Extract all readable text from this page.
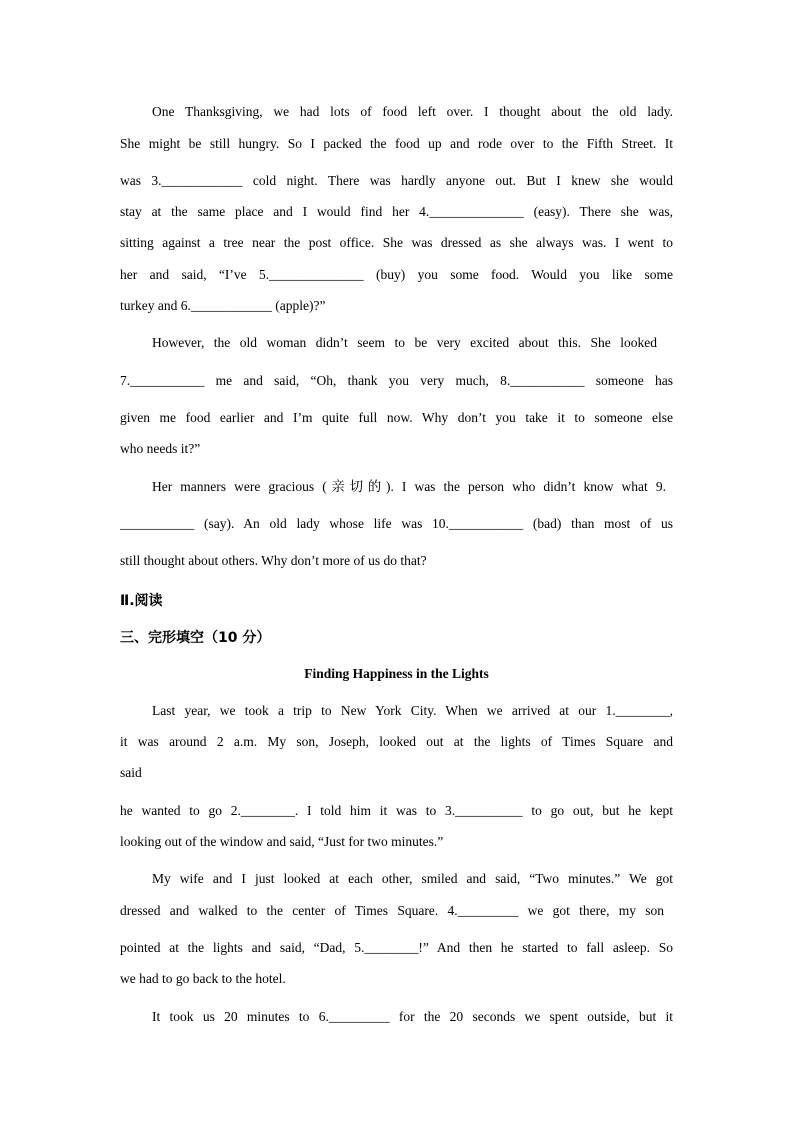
One Thanksgiving, we had lots of food left over. I thought about the old lady.
She might be still hungry. So I packed the food up and rode over to the Fifth Street. It
was 3.____________ cold night. There was hardly anyone out. But I knew she would
stay at the same place and I would find her 4.______________ (easy). There she was,
sitting against a tree near the post office. She was dressed as she always was. I went to
her and said, “I’ve 5.______________ (buy) you some food. Would you like some
turkey and 6.____________ (apple)?”
However, the old woman didn’t seem to be very excited about this. She looked
7.___________ me and said, “Oh, thank you very much, 8.___________ someone has
given me food earlier and I’m quite full now. Why don’t you take it to someone else
who needs it?”
Her manners were gracious (亲切的). I was the person who didn’t know what 9.
___________ (say). An old lady whose life was 10.___________ (bad) than most of us
still thought about others. Why don’t more of us do that?
Ⅱ.阅读
三、完形填空（10 分）
Finding Happiness in the Lights
Last year, we took a trip to New York City. When we arrived at our 1.________,
it was around 2 a.m. My son, Joseph, looked out at the lights of Times Square and
said
he wanted to go 2.________. I told him it was to 3.__________ to go out, but he kept
looking out of the window and said, “Just for two minutes.”
My wife and I just looked at each other, smiled and said, “Two minutes.” We got
dressed and walked to the center of Times Square. 4._________ we got there, my son
pointed at the lights and said, “Dad, 5.________!” And then he started to fall asleep. So
we had to go back to the hotel.
It took us 20 minutes to 6._________ for the 20 seconds we spent outside, but it
